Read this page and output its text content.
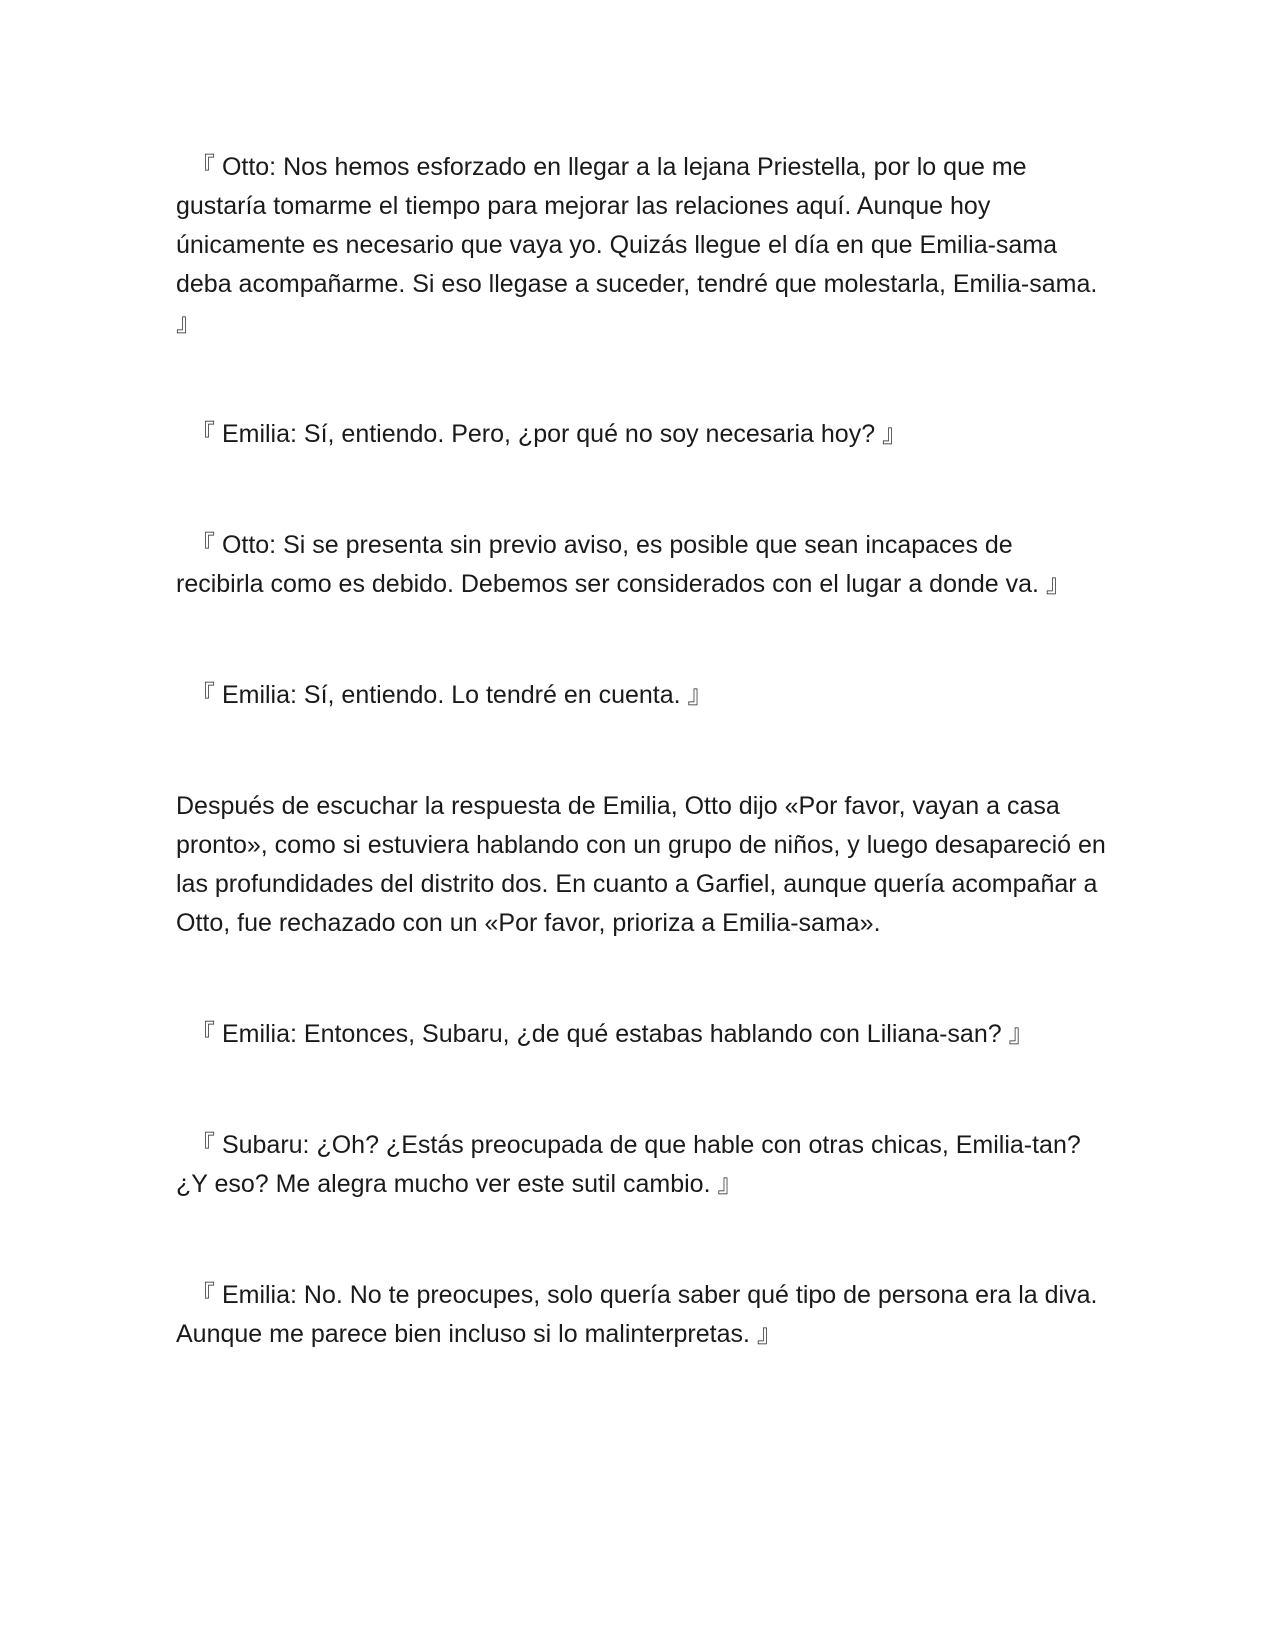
『 Otto: Nos hemos esforzado en llegar a la lejana Priestella, por lo que me gustaría tomarme el tiempo para mejorar las relaciones aquí. Aunque hoy únicamente es necesario que vaya yo. Quizás llegue el día en que Emilia-sama deba acompañarme. Si eso llegase a suceder, tendré que molestarla, Emilia-sama. 』

『 Emilia: Sí, entiendo. Pero, ¿por qué no soy necesaria hoy? 』

『 Otto: Si se presenta sin previo aviso, es posible que sean incapaces de recibirla como es debido. Debemos ser considerados con el lugar a donde va. 』

『 Emilia: Sí, entiendo. Lo tendré en cuenta. 』

Después de escuchar la respuesta de Emilia, Otto dijo «Por favor, vayan a casa pronto», como si estuviera hablando con un grupo de niños, y luego desapareció en las profundidades del distrito dos. En cuanto a Garfiel, aunque quería acompañar a Otto, fue rechazado con un «Por favor, prioriza a Emilia-sama».

『 Emilia: Entonces, Subaru, ¿de qué estabas hablando con Liliana-san? 』

『 Subaru: ¿Oh? ¿Estás preocupada de que hable con otras chicas, Emilia-tan? ¿Y eso? Me alegra mucho ver este sutil cambio. 』

『 Emilia: No. No te preocupes, solo quería saber qué tipo de persona era la diva. Aunque me parece bien incluso si lo malinterpretas. 』
